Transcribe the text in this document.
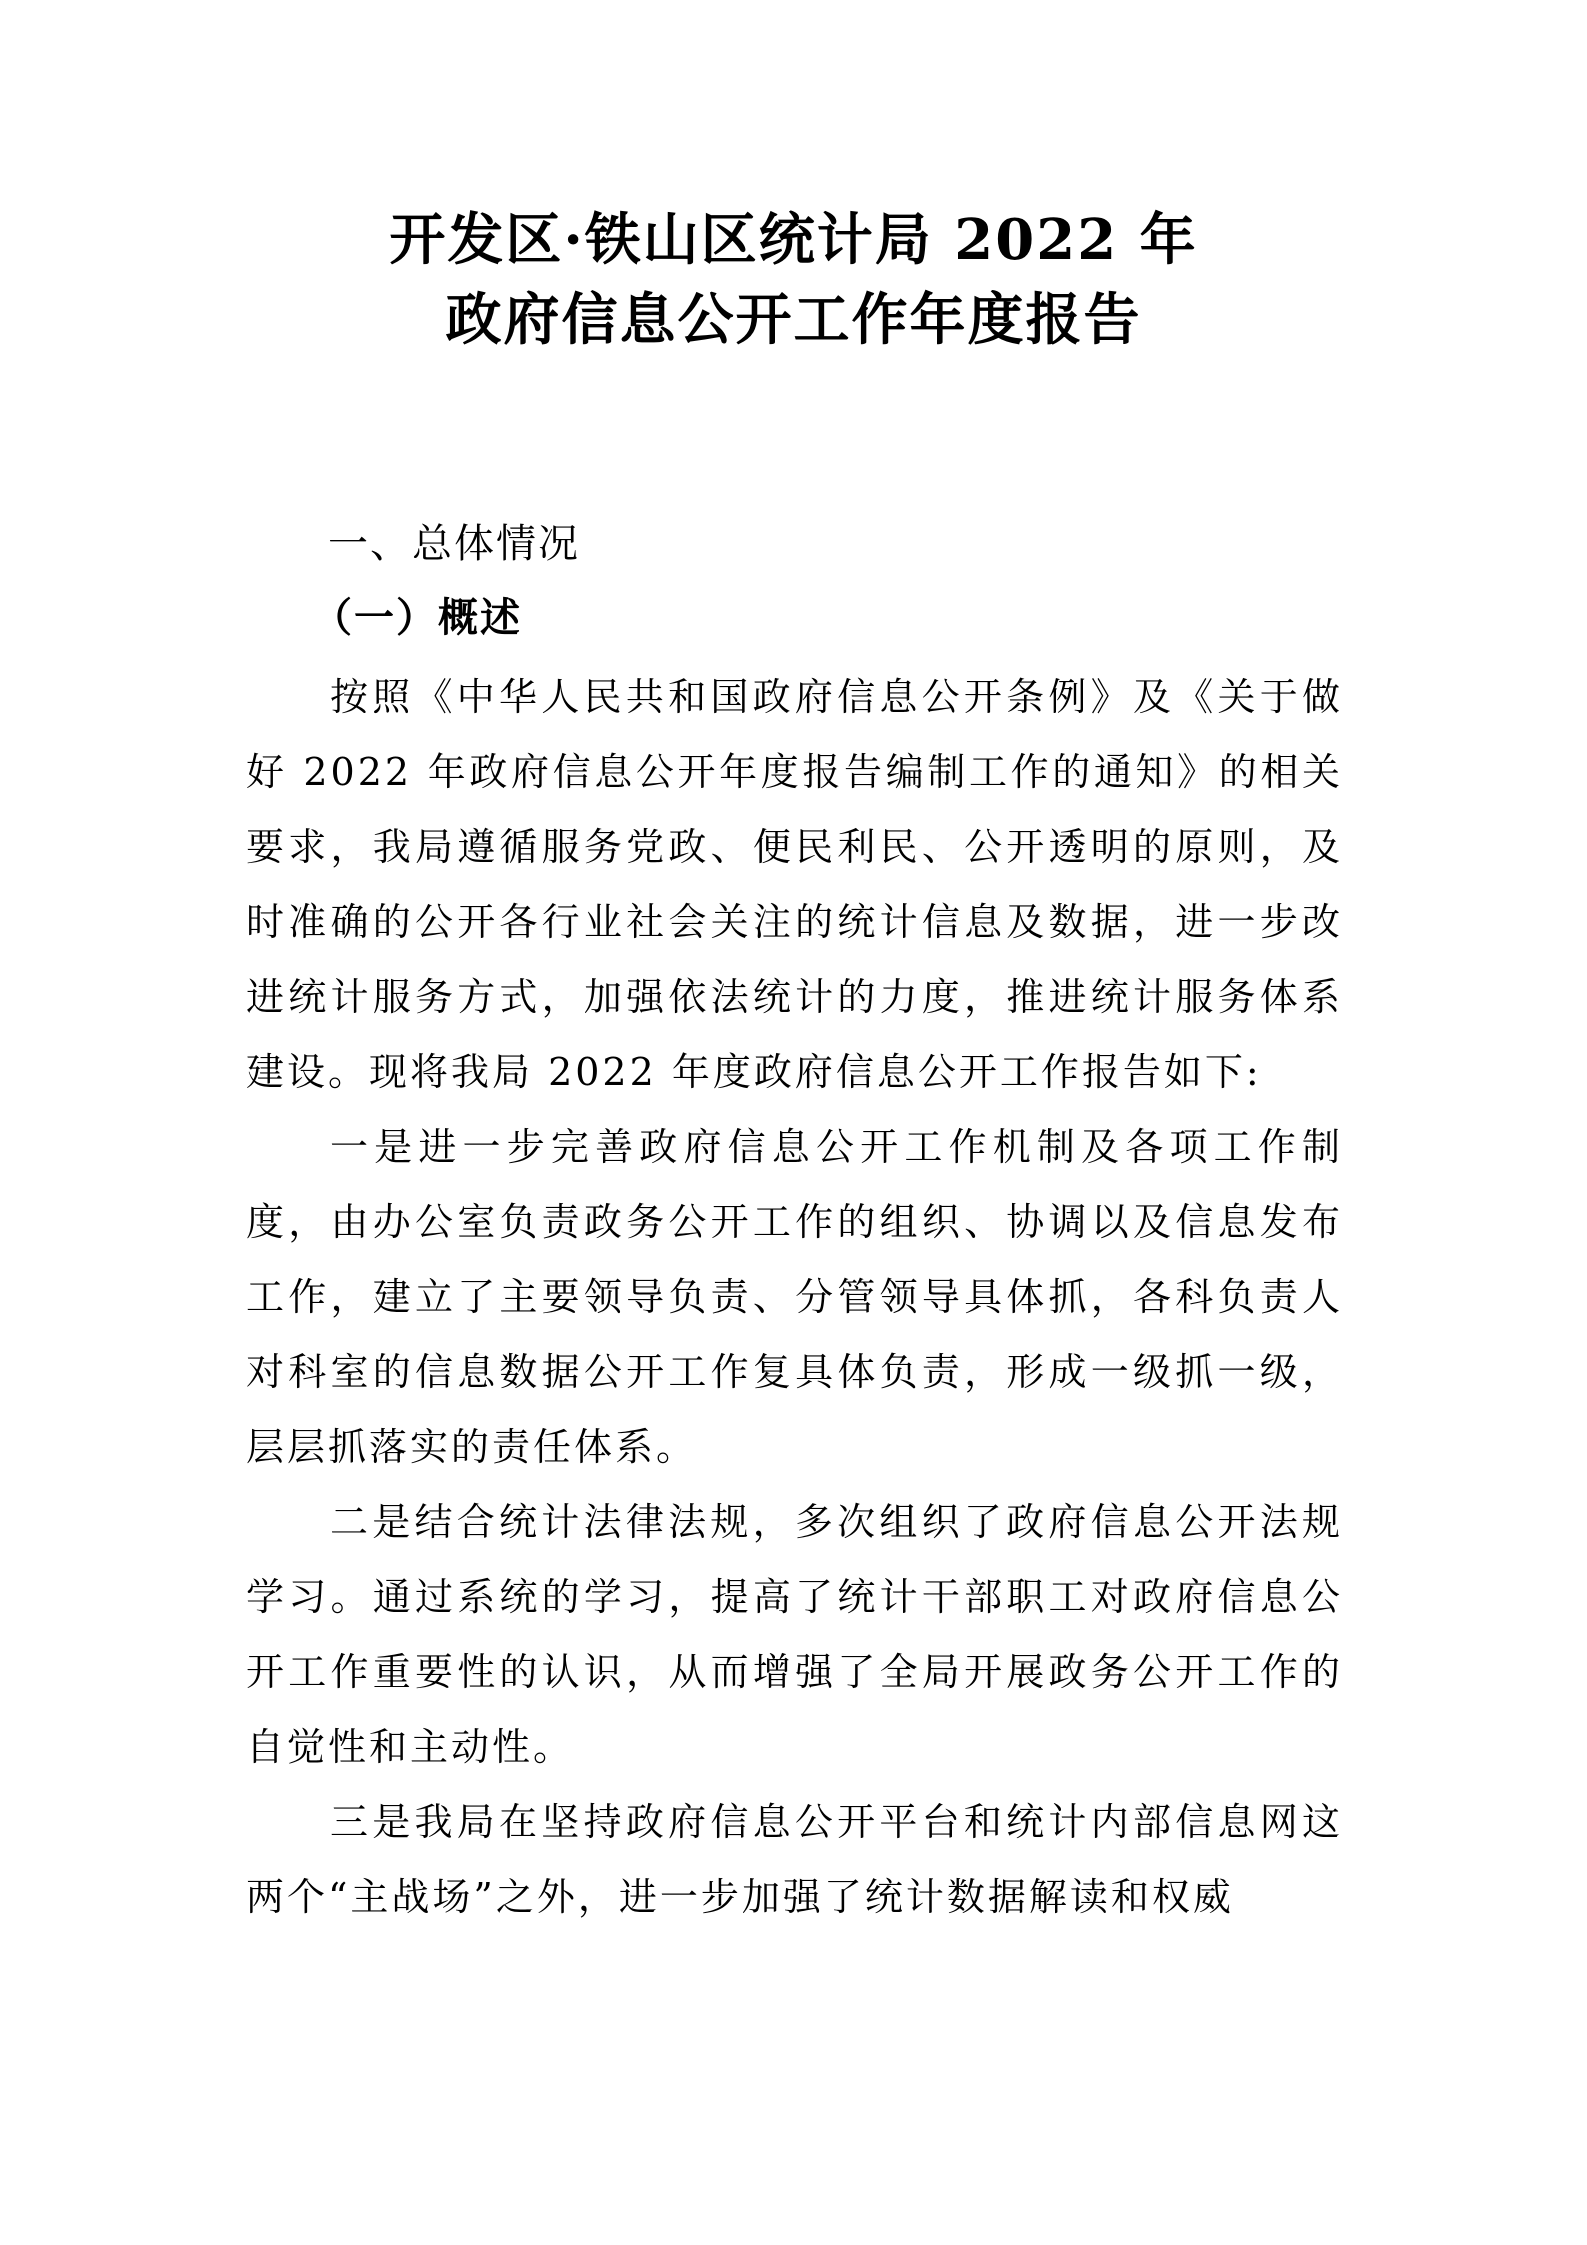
开发区·铁山区统计局 2022 年
政府信息公开工作年度报告
一、总体情况
（一）概述

按照《中华人民共和国政府信息公开条例》及《关于做好 2022 年政府信息公开年度报告编制工作的通知》的相关要求，我局遵循服务党政、便民利民、公开透明的原则，及时准确的公开各行业社会关注的统计信息及数据，进一步改进统计服务方式，加强依法统计的力度，推进统计服务体系建设。现将我局 2022 年度政府信息公开工作报告如下:

一是进一步完善政府信息公开工作机制及各项工作制度，由办公室负责政务公开工作的组织、协调以及信息发布工作，建立了主要领导负责、分管领导具体抓，各科负责人对科室的信息数据公开工作复具体负责，形成一级抓一级，层层抓落实的责任体系。

二是结合统计法律法规，多次组织了政府信息公开法规学习。通过系统的学习，提高了统计干部职工对政府信息公开工作重要性的认识，从而增强了全局开展政务公开工作的自觉性和主动性。

三是我局在坚持政府信息公开平台和统计内部信息网这两个“主战场”之外，进一步加强了统计数据解读和权威
